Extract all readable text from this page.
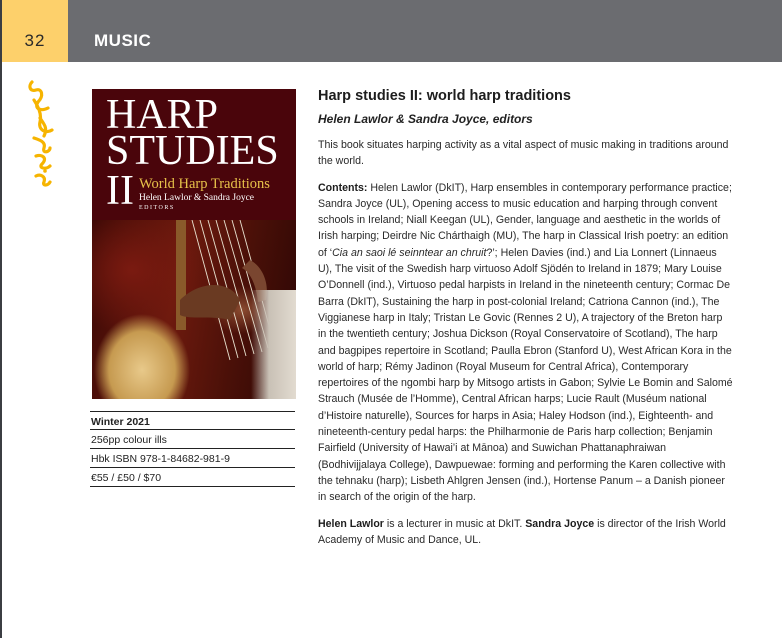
32	MUSIC
HARP
STUDIES
II World Harp Traditions
Helen Lawlor & Sandra Joyce
EDITORS
Winter 2021
256pp colour ills
Hbk ISBN 978-1-84682-981-9
€55 / £50 / $70
Harp studies II: world harp traditions
Helen Lawlor & Sandra Joyce, editors

This book situates harping activity as a vital aspect of music making in traditions around the world.

Contents: Helen Lawlor (DkIT), Harp ensembles in contemporary performance practice; Sandra Joyce (UL), Opening access to music education and harping through convent schools in Ireland; Niall Keegan (UL), Gender, language and aesthetic in the worlds of Irish harping; Deirdre Nic Chárthaigh (MU), The harp in Classical Irish poetry: an edition of ‘Cia an saoi lé seinntear an chruit?’; Helen Davies (ind.) and Lia Lonnert (Linnaeus U), The visit of the Swedish harp virtuoso Adolf Sjödén to Ireland in 1879; Mary Louise O’Donnell (ind.), Virtuoso pedal harpists in Ireland in the nineteenth century; Cormac De Barra (DkIT), Sustaining the harp in post-colonial Ireland; Catriona Cannon (ind.), The Viggianese harp in Italy; Tristan Le Govic (Rennes 2 U), A trajectory of the Breton harp in the twentieth century; Joshua Dickson (Royal Conservatoire of Scotland), The harp and bagpipes repertoire in Scotland; Paulla Ebron (Stanford U), West African Kora in the world of harp; Rémy Jadinon (Royal Museum for Central Africa), Contemporary repertoires of the ngombi harp by Mitsogo artists in Gabon; Sylvie Le Bomin and Salomé Strauch (Musée de l’Homme), Central African harps; Lucie Rault (Muséum national d’Histoire naturelle), Sources for harps in Asia; Haley Hodson (ind.), Eighteenth- and nineteenth-century pedal harps: the Philharmonie de Paris harp collection; Benjamin Fairfield (University of Hawai’i at Mānoa) and Suwichan Phattanaphraiwan (Bodhivijjalaya College), Dawpuewae: forming and performing the Karen collective with the tehnaku (harp); Lisbeth Ahlgren Jensen (ind.), Hortense Panum – a Danish pioneer in search of the origin of the harp.

Helen Lawlor is a lecturer in music at DkIT. Sandra Joyce is director of the Irish World Academy of Music and Dance, UL.
